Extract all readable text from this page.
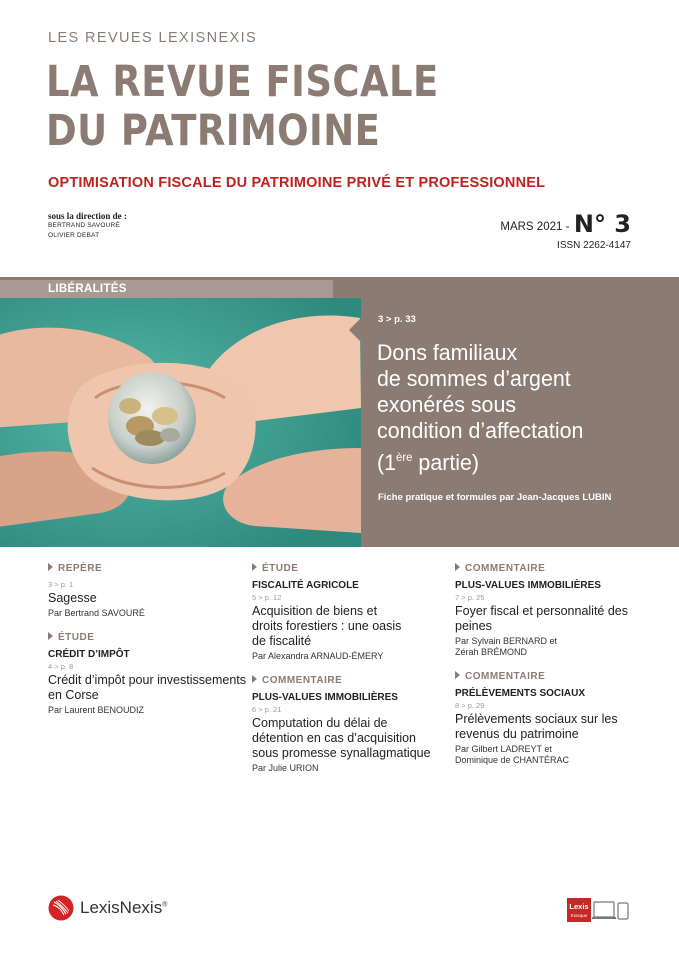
LES REVUES LEXISNEXIS
LA REVUE FISCALE
DU PATRIMOINE
OPTIMISATION FISCALE DU PATRIMOINE PRIVÉ ET PROFESSIONNEL
sous la direction de :
BERTRAND SAVOURÉ
OLIVIER DEBAT
MARS 2021 - N° 3
ISSN 2262-4147
LIBÉRALITÉS
3 > p. 33
Dons familiaux
de sommes d’argent
exonérés sous
condition d’affectation
(1ère partie)
Fiche pratique et formules par Jean-Jacques LUBIN
REPÈRE
3 > p. 1
Sagesse
Par Bertrand SAVOURÉ
ÉTUDE
CRÉDIT D’IMPÔT
4 > p. 8
Crédit d’impôt pour investissements en Corse
Par Laurent BENOUDIZ
ÉTUDE
FISCALITÉ AGRICOLE
5 > p. 12
Acquisition de biens et droits forestiers : une oasis de fiscalité
Par Alexandra ARNAUD-ÉMERY
COMMENTAIRE
PLUS-VALUES IMMOBILIÈRES
6 > p. 21
Computation du délai de détention en cas d’acquisition sous promesse synallagmatique
Par Julie URION
COMMENTAIRE
PLUS-VALUES IMMOBILIÈRES
7 > p. 25
Foyer fiscal et personnalité des peines
Par Sylvain BERNARD et Zérah BRÉMOND
COMMENTAIRE
PRÉLÈVEMENTS SOCIAUX
8 > p. 29
Prélèvements sociaux sur les revenus du patrimoine
Par Gilbert LADREYT et Dominique de CHANTÉRAC
LexisNexis®	Lexis
Kiosque
